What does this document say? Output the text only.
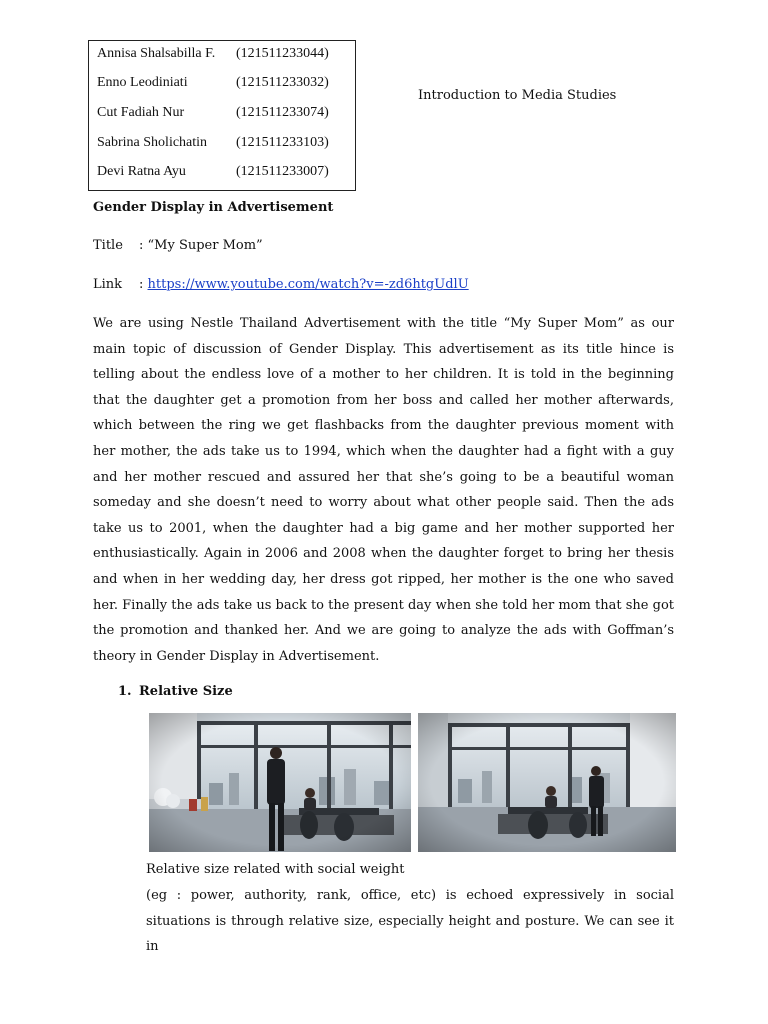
Annisa Shalsabilla F. (121511233044)
Enno Leodiniati	(121511233032)
Cut Fadiah Nur	(121511233074)
Sabrina Sholichatin (121511233103)
Devi Ratna Ayu	(121511233007)
Introduction to Media Studies
Gender Display in Advertisement
Title : “My Super Mom”
Link : https://www.youtube.com/watch?v=-zd6htgUdlU

We are using Nestle Thailand Advertisement with the title “My Super Mom” as our main topic of discussion of Gender Display. This advertisement as its title hince is telling about the endless love of a mother to her children. It is told in the beginning that the daughter get a promotion from her boss and called her mother afterwards, which between the ring we get flashbacks from the daughter previous moment with her mother, the ads take us to 1994, which when the daughter had a fight with a guy and her mother rescued and assured her that she’s going to be a beautiful woman someday and she doesn’t need to worry about what other people said. Then the ads take us to 2001, when the daughter had a big game and her mother supported her enthusiastically. Again in 2006 and 2008 when the daughter forget to bring her thesis and when in her wedding day, her dress got ripped, her mother is the one who saved her. Finally the ads take us back to the present day when she told her mom that she got the promotion and thanked her. And we are going to analyze the ads with Goffman’s theory in Gender Display in Advertisement.

1. Relative Size
Relative size related with social weight

(eg : power, authority, rank, office, etc) is echoed expressively in social situations is through relative size, especially height and posture. We can see it in
